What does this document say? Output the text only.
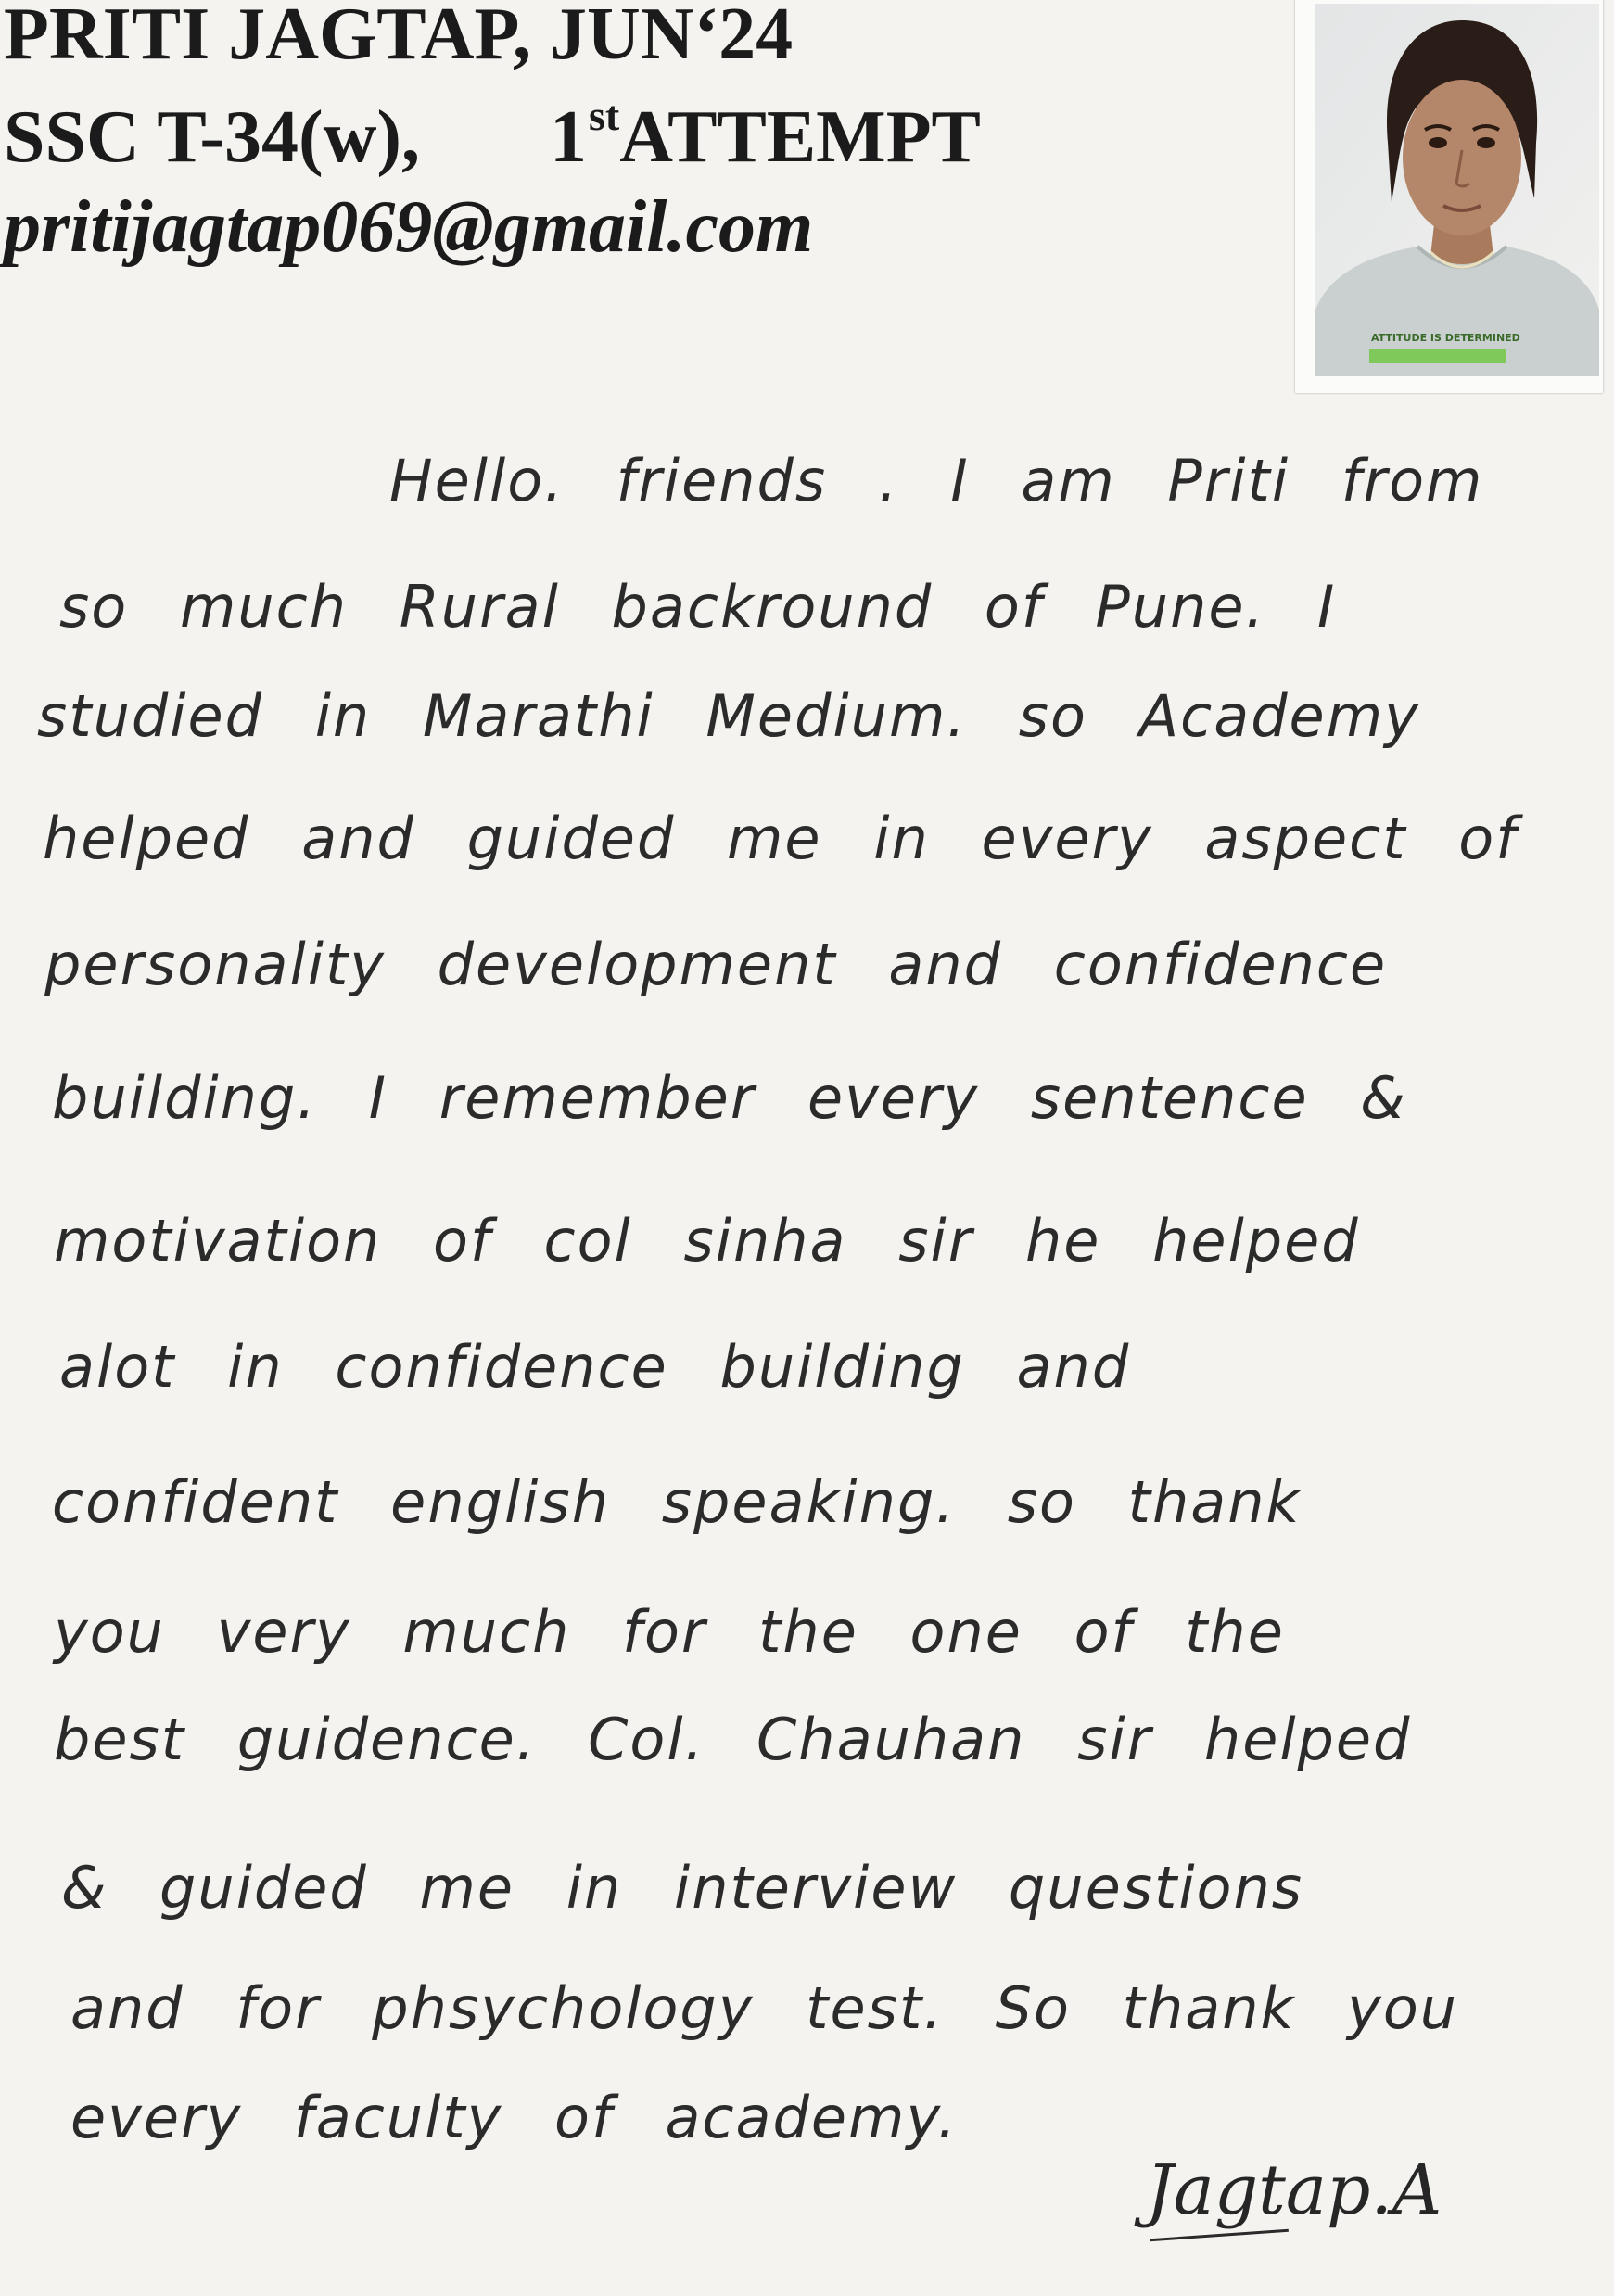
PRITI JAGTAP, JUN‘24
SSC T-34(w), 1stATTEMPT
pritijagtap069@gmail.com
ATTITUDE IS DETERMINED
Hello. friends . I am Priti from
so much Rural backround of Pune. I
studied in Marathi Medium. so Academy
helped and guided me in every aspect of
personality development and confidence
building. I remember every sentence &
motivation of col sinha sir he helped
alot in confidence building and
confident english speaking. so thank
you very much for the one of the
best guidence. Col. Chauhan sir helped
& guided me in interview questions
and for phsychology test. So thank you
every faculty of academy.
Jagtap.A
